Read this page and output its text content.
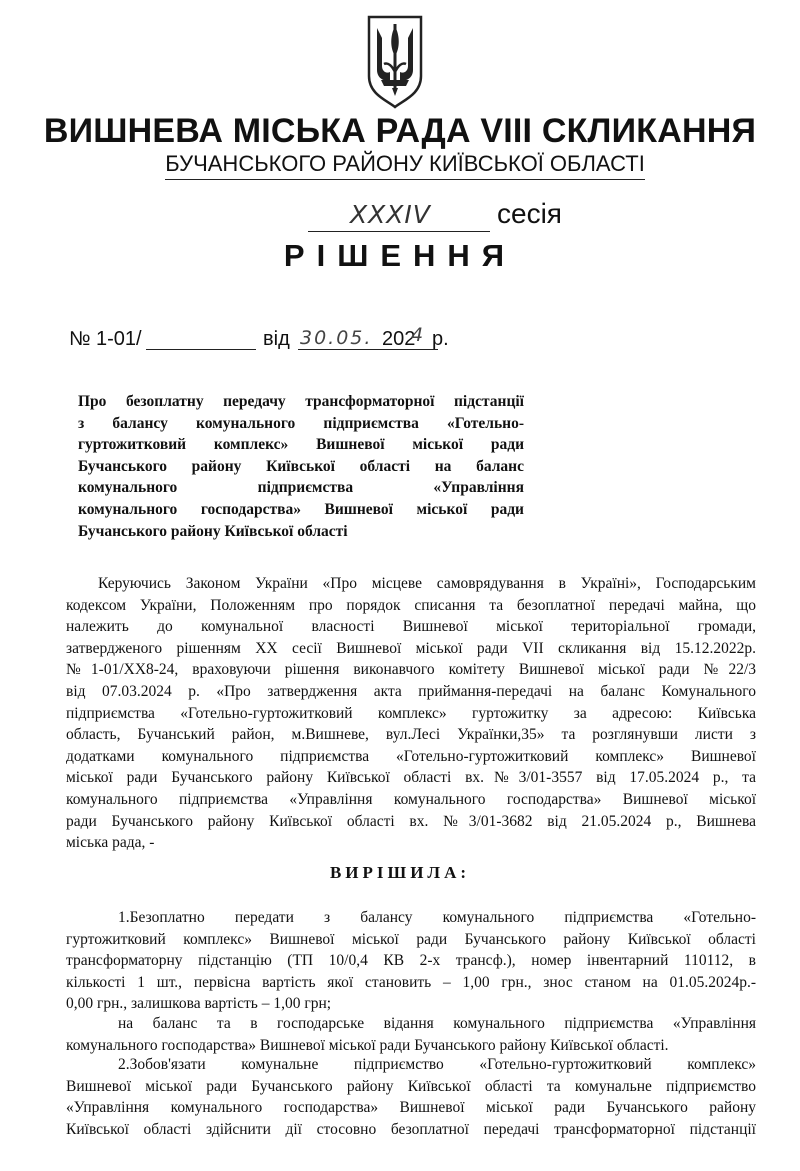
ВИШНЕВА МІСЬКА РАДА VIII СКЛИКАННЯ
БУЧАНСЬКОГО РАЙОНУ КИЇВСЬКОЇ ОБЛАСТІ
XXXIV	сесія
РІШЕННЯ
№ 1-01/	від 30.05. 202
4 р.
Про безоплатну передачу трансформаторної підстанції
з балансу комунального підприємства «Готельно-
гуртожитковий комплекс» Вишневої міської ради
Бучанського району Київської області на баланс
комунального підприємства «Управління
комунального господарства» Вишневої міської ради
Бучанського району Київської області
Керуючись Законом України «Про місцеве самоврядування в Україні», Господарським
кодексом України, Положенням про порядок списання та безоплатної передачі майна, що
належить до комунальної власності Вишневої міської територіальної громади,
затвердженого рішенням XX сесії Вишневої міської ради VII скликання від 15.12.2022р.
№1-01/XX8-24, враховуючи рішення виконавчого комітету Вишневої міської ради №22/3
від 07.03.2024 р. «Про затвердження акта приймання-передачі на баланс Комунального
підприємства «Готельно-гуртожитковий комплекс» гуртожитку за адресою: Київська
область, Бучанський район, м.Вишневе, вул.Лесі Українки,35» та розглянувши листи з
додатками комунального підприємства «Готельно-гуртожитковий комплекс» Вишневої
міської ради Бучанського району Київської області вх.№3/01-3557 від 17.05.2024 р., та
комунального підприємства «Управління комунального господарства» Вишневої міської
ради Бучанського району Київської області вх. №3/01-3682 від 21.05.2024 р., Вишнева
міська рада, -
ВИРІШИЛА:
1.Безоплатно передати з балансу комунального підприємства «Готельно-
гуртожитковий комплекс» Вишневої міської ради Бучанського району Київської області
трансформаторну підстанцію (ТП 10/0,4 КВ 2-х трансф.), номер інвентарний 110112, в
кількості 1 шт., первісна вартість якої становить – 1,00 грн., знос станом на 01.05.2024р.-
0,00 грн., залишкова вартість – 1,00 грн;
на баланс та в господарське відання комунального підприємства «Управління
комунального господарства» Вишневої міської ради Бучанського району Київської області.
2.Зобов'язати комунальне підприємство «Готельно-гуртожитковий комплекс»
Вишневої міської ради Бучанського району Київської області та комунальне підприємство
«Управління комунального господарства» Вишневої міської ради Бучанського району
Київської області здійснити дії стосовно безоплатної передачі трансформаторної підстанції
